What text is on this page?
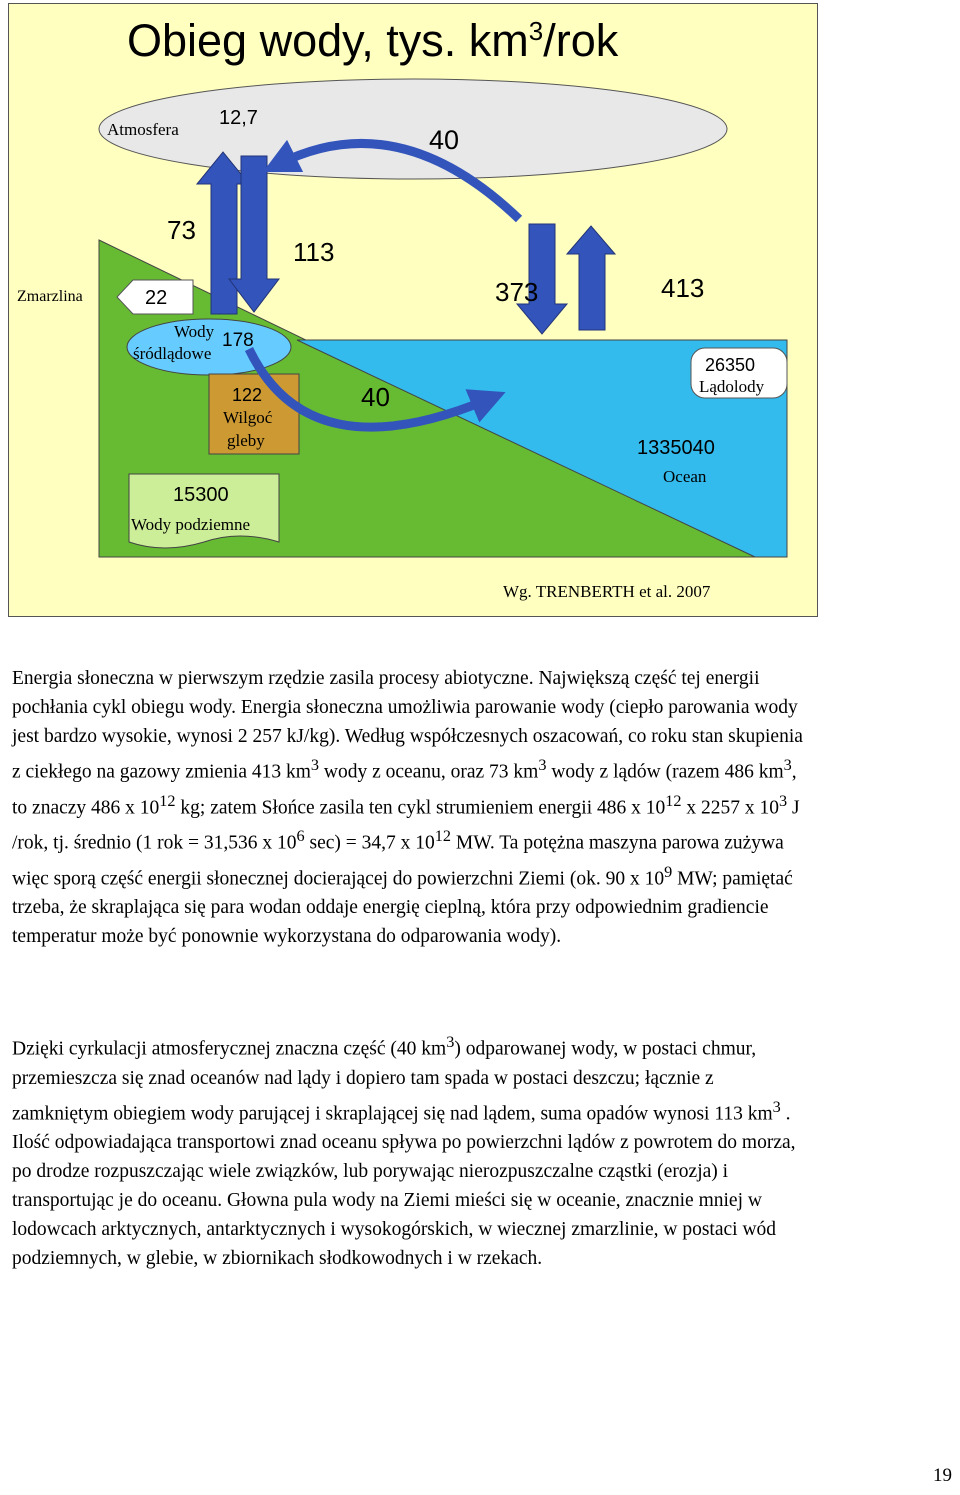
Obieg wody, tys. $km^3$/rok
Atmosfera
12,7
40
73
113
373	413
Zmarzlina	22
Wody
śródlądowe
178
122
Wilgoć
gleby
40
15300
Wody podziemne
26350
Lądolody
1335040
Ocean
Wg. TRENBERTH et al. 2007

Energia słoneczna w pierwszym rzędzie zasila procesy abiotyczne. Największą część tej energii pochłania cykl obiegu wody. Energia słoneczna umożliwia parowanie wody (ciepło parowania wody jest bardzo wysokie, wynosi 2 257 kJ/kg). Według współczesnych oszacowań, co roku stan skupienia z ciekłego na gazowy zmienia 413 $km^3$ wody z oceanu, oraz 73 $km^3$ wody z lądów (razem 486 $km^3$, to znaczy 486 x $10^{12}$ kg; zatem Słońce zasila ten cykl strumieniem energii 486 x $10^{12}$ x 2257 x $10^3$ J /rok, tj. średnio (1 rok = 31,536 x $10^6$ sec) = 34,7 x $10^{12}$ MW. Ta potężna maszyna parowa zużywa więc sporą część energii słonecznej docierającej do powierzchni Ziemi (ok. 90 x $10^9$ MW; pamiętać trzeba, że skraplająca się para wodan oddaje energię cieplną, która przy odpowiednim gradiencie temperatur może być ponownie wykorzystana do odparowania wody).

Dzięki cyrkulacji atmosferycznej znaczna część (40 $km^3$) odparowanej wody, w postaci chmur, przemieszcza się znad oceanów nad lądy i dopiero tam spada w postaci deszczu; łącznie z zamkniętym obiegiem wody parującej i skraplającej się nad lądem, suma opadów wynosi 113 $km^3$ . Ilość odpowiadająca transportowi znad oceanu spływa po powierzchni lądów z powrotem do morza, po drodze rozpuszczając wiele związków, lub porywając nierozpuszczalne cząstki (erozja) i transportując je do oceanu. Głowna pula wody na Ziemi mieści się w oceanie, znacznie mniej w lodowcach arktycznych, antarktycznych i wysokogórskich, w wiecznej zmarzlinie, w postaci wód podziemnych, w glebie, w zbiornikach słodkowodnych i w rzekach.

19
